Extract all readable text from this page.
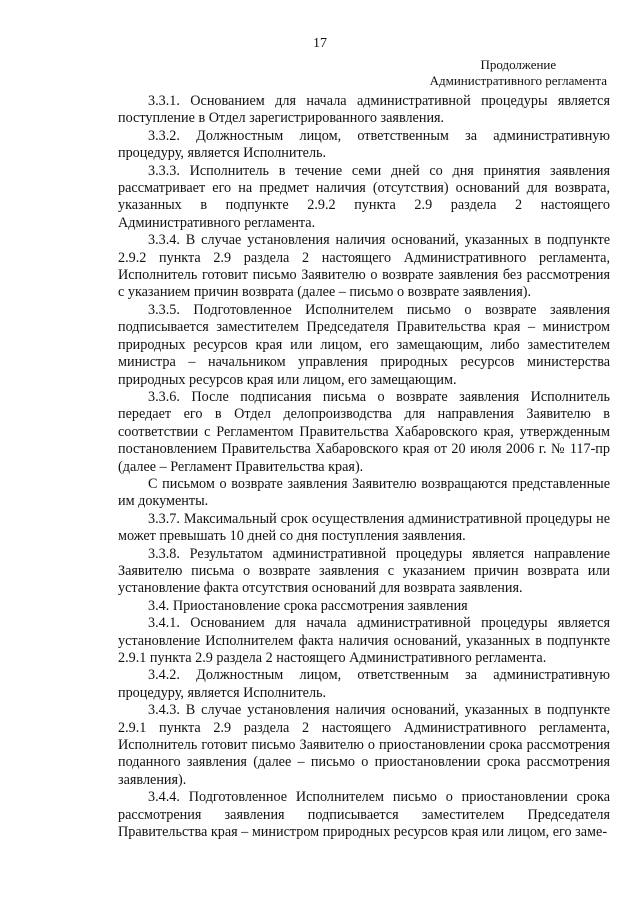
17
Продолжение
Административного регламента

3.3.1. Основанием для начала административной процедуры является поступление в Отдел зарегистрированного заявления.

3.3.2. Должностным лицом, ответственным за административную процедуру, является Исполнитель.

3.3.3. Исполнитель в течение семи дней со дня принятия заявления рассматривает его на предмет наличия (отсутствия) оснований для возврата, указанных в подпункте 2.9.2 пункта 2.9 раздела 2 настоящего Административного регламента.

3.3.4. В случае установления наличия оснований, указанных в подпункте 2.9.2 пункта 2.9 раздела 2 настоящего Административного регламента, Исполнитель готовит письмо Заявителю о возврате заявления без рассмотрения с указанием причин возврата (далее – письмо о возврате заявления).

3.3.5. Подготовленное Исполнителем письмо о возврате заявления подписывается заместителем Председателя Правительства края – министром природных ресурсов края или лицом, его замещающим, либо заместителем министра – начальником управления природных ресурсов министерства природных ресурсов края или лицом, его замещающим.

3.3.6. После подписания письма о возврате заявления Исполнитель передает его в Отдел делопроизводства для направления Заявителю в соответствии с Регламентом Правительства Хабаровского края, утвержденным постановлением Правительства Хабаровского края от 20 июля 2006 г. № 117-пр (далее – Регламент Правительства края).

С письмом о возврате заявления Заявителю возвращаются представленные им документы.

3.3.7. Максимальный срок осуществления административной процедуры не может превышать 10 дней со дня поступления заявления.

3.3.8. Результатом административной процедуры является направление Заявителю письма о возврате заявления с указанием причин возврата или установление факта отсутствия оснований для возврата заявления.

3.4. Приостановление срока рассмотрения заявления

3.4.1. Основанием для начала административной процедуры является установление Исполнителем факта наличия оснований, указанных в подпункте 2.9.1 пункта 2.9 раздела 2 настоящего Административного регламента.

3.4.2. Должностным лицом, ответственным за административную процедуру, является Исполнитель.

3.4.3. В случае установления наличия оснований, указанных в подпункте 2.9.1 пункта 2.9 раздела 2 настоящего Административного регламента, Исполнитель готовит письмо Заявителю о приостановлении срока рассмотрения поданного заявления (далее – письмо о приостановлении срока рассмотрения заявления).

3.4.4. Подготовленное Исполнителем письмо о приостановлении срока рассмотрения заявления подписывается заместителем Председателя Правительства края – министром природных ресурсов края или лицом, его заме-
